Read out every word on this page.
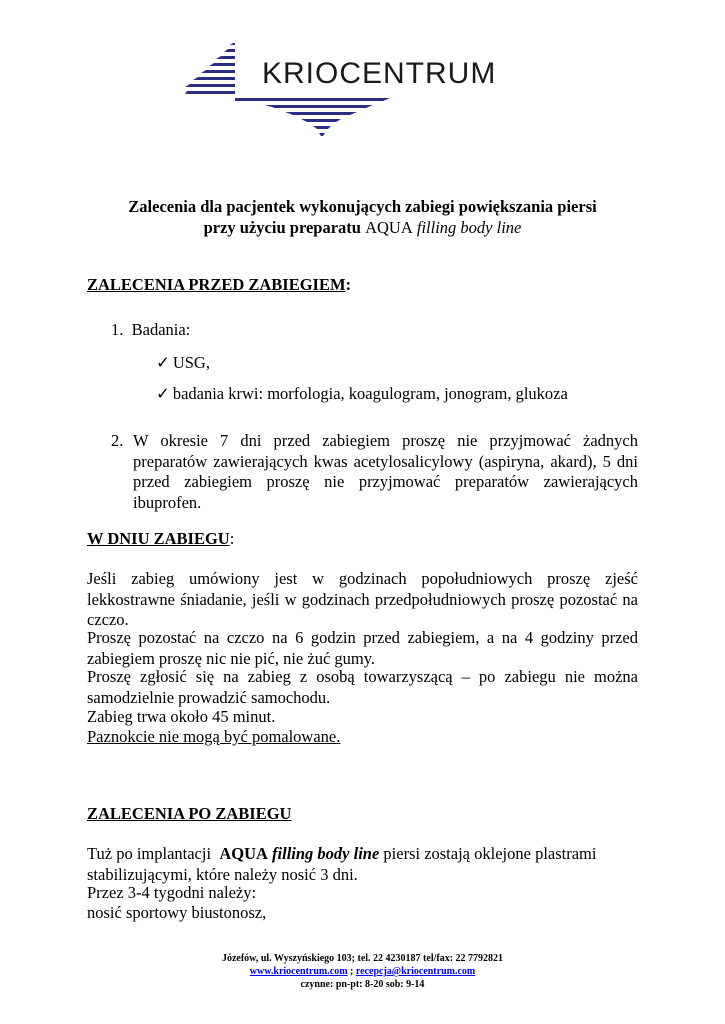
KRIOCENTRUM
Zalecenia dla pacjentek wykonujących zabiegi powiększania piersi
przy użyciu preparatu AQUA filling body line
ZALECENIA PRZED ZABIEGIEM:
1. Badania:
✓ USG,
✓ badania krwi: morfologia, koagulogram, jonogram, glukoza
2. W okresie 7 dni przed zabiegiem proszę nie przyjmować żadnych preparatów zawierających kwas acetylosalicylowy (aspiryna, akard), 5 dni przed zabiegiem proszę nie przyjmować preparatów zawierających ibuprofen.
W DNIU ZABIEGU:
Jeśli zabieg umówiony jest w godzinach popołudniowych proszę zjeść lekkostrawne śniadanie, jeśli w godzinach przedpołudniowych proszę pozostać na czczo.
Proszę pozostać na czczo na 6 godzin przed zabiegiem, a na 4 godziny przed zabiegiem proszę nic nie pić, nie żuć gumy.
Proszę zgłosić się na zabieg z osobą towarzyszącą – po zabiegu nie można samodzielnie prowadzić samochodu.
Zabieg trwa około 45 minut.
Paznokcie nie mogą być pomalowane.
ZALECENIA PO ZABIEGU
Tuż po implantacji AQUA filling body line piersi zostają oklejone plastrami stabilizującymi, które należy nosić 3 dni.
Przez 3-4 tygodni należy:
nosić sportowy biustonosz,
Józefów, ul. Wyszyńskiego 103; tel. 22 4230187 tel/fax: 22 7792821
www.kriocentrum.com ; recepcja@kriocentrum.com
czynne: pn-pt: 8-20 sob: 9-14
